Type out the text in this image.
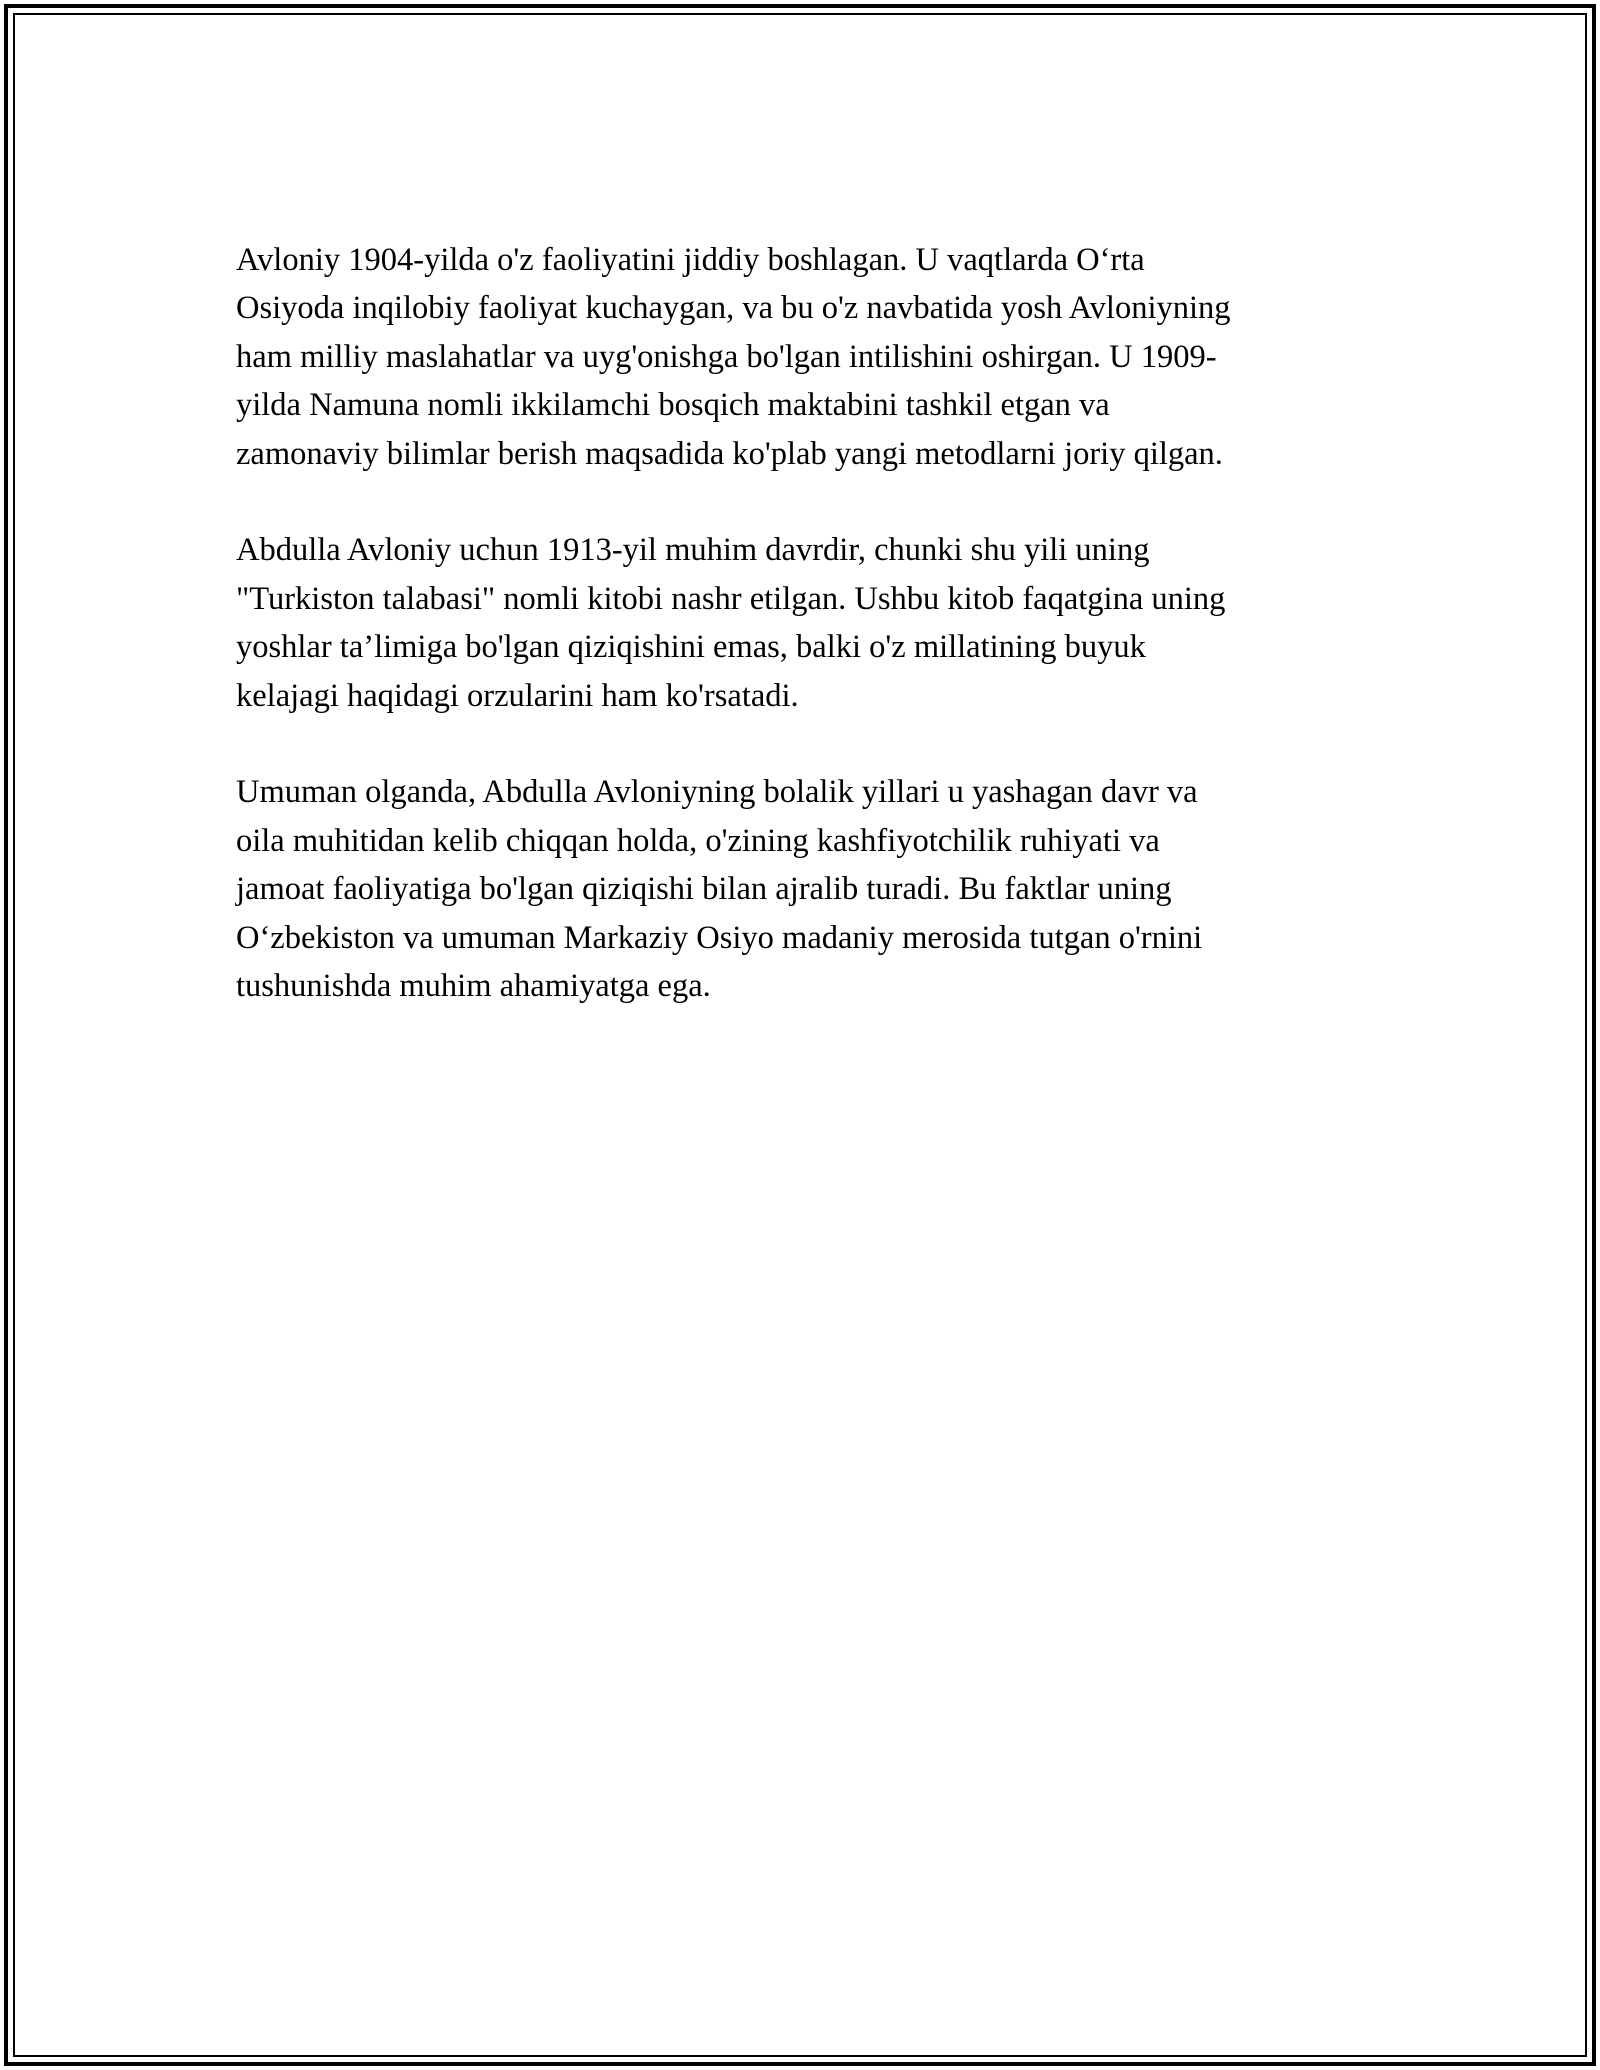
Avloniy 1904-yilda o'z faoliyatini jiddiy boshlagan. U vaqtlarda O‘rta
Osiyoda inqilobiy faoliyat kuchaygan, va bu o'z navbatida yosh Avloniyning
ham milliy maslahatlar va uyg'onishga bo'lgan intilishini oshirgan. U 1909-
yilda Namuna nomli ikkilamchi bosqich maktabini tashkil etgan va
zamonaviy bilimlar berish maqsadida ko'plab yangi metodlarni joriy qilgan.

Abdulla Avloniy uchun 1913-yil muhim davrdir, chunki shu yili uning
"Turkiston talabasi" nomli kitobi nashr etilgan. Ushbu kitob faqatgina uning
yoshlar ta’limiga bo'lgan qiziqishini emas, balki o'z millatining buyuk
kelajagi haqidagi orzularini ham ko'rsatadi.

Umuman olganda, Abdulla Avloniyning bolalik yillari u yashagan davr va
oila muhitidan kelib chiqqan holda, o'zining kashfiyotchilik ruhiyati va
jamoat faoliyatiga bo'lgan qiziqishi bilan ajralib turadi. Bu faktlar uning
O‘zbekiston va umuman Markaziy Osiyo madaniy merosida tutgan o'rnini
tushunishda muhim ahamiyatga ega.
